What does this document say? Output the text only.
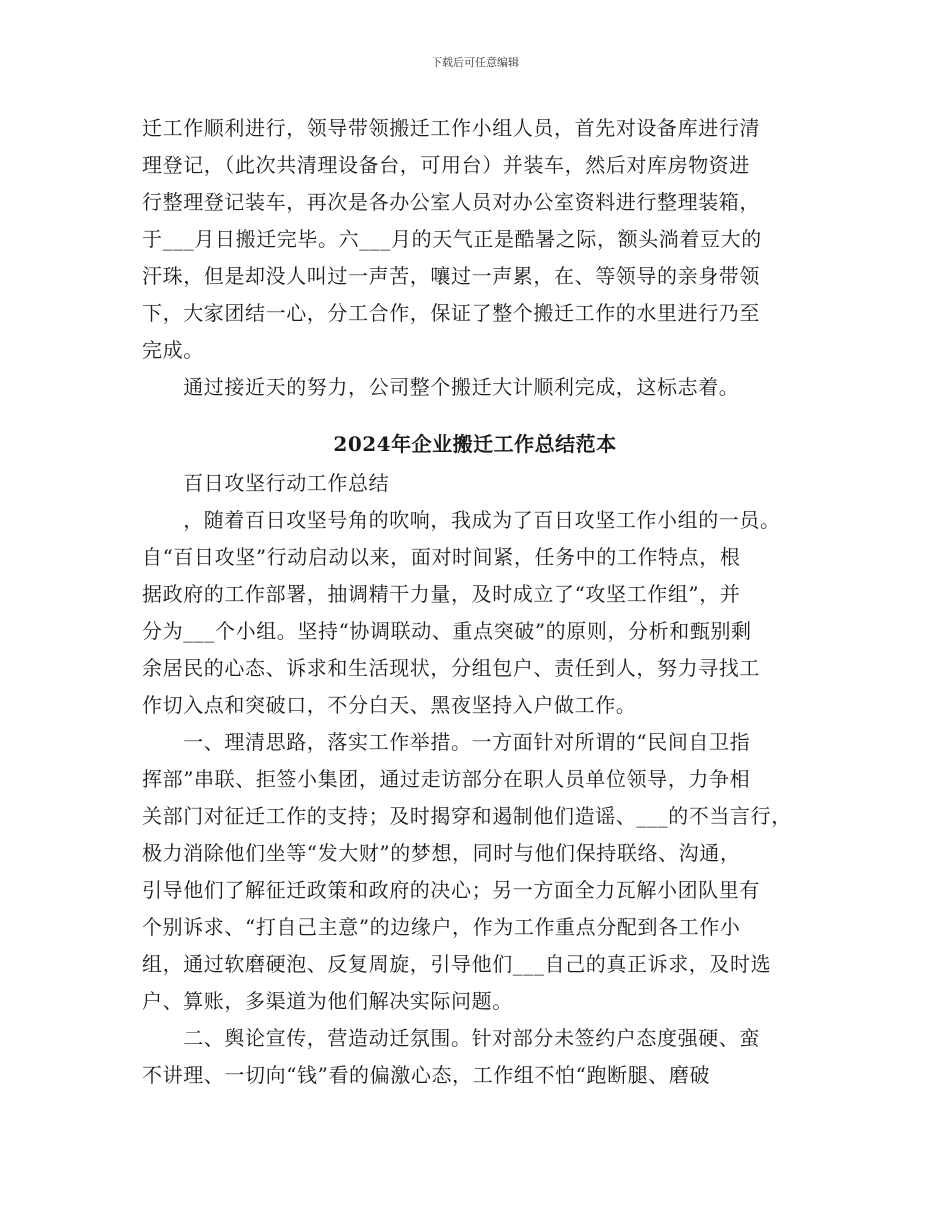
下载后可任意编辑
迁工作顺利进行，领导带领搬迁工作小组人员，首先对设备库进行清
理登记，（此次共清理设备台，可用台）并装车，然后对库房物资进
行整理登记装车，再次是各办公室人员对办公室资料进行整理装箱，
于___月日搬迁完毕。六___月的天气正是酷暑之际，额头淌着豆大的
汗珠，但是却没人叫过一声苦，嚷过一声累，在、等领导的亲身带领
下，大家团结一心，分工合作，保证了整个搬迁工作的水里进行乃至
完成。
　　通过接近天的努力，公司整个搬迁大计顺利完成，这标志着。
2024年企业搬迁工作总结范本
　　百日攻坚行动工作总结
　　，随着百日攻坚号角的吹响，我成为了百日攻坚工作小组的一员。
自“百日攻坚”行动启动以来，面对时间紧，任务中的工作特点，根
据政府的工作部署，抽调精干力量，及时成立了“攻坚工作组”，并
分为___个小组。坚持“协调联动、重点突破”的原则，分析和甄别剩
余居民的心态、诉求和生活现状，分组包户、责任到人，努力寻找工
作切入点和突破口，不分白天、黑夜坚持入户做工作。
　　一、理清思路，落实工作举措。一方面针对所谓的“民间自卫指
挥部”串联、拒签小集团，通过走访部分在职人员单位领导，力争相
关部门对征迁工作的支持；及时揭穿和遏制他们造谣、___的不当言行，
极力消除他们坐等“发大财”的梦想，同时与他们保持联络、沟通，
引导他们了解征迁政策和政府的决心；另一方面全力瓦解小团队里有
个别诉求、“打自己主意”的边缘户，作为工作重点分配到各工作小
组，通过软磨硬泡、反复周旋，引导他们___自己的真正诉求，及时选
户、算账，多渠道为他们解决实际问题。
　　二、舆论宣传，营造动迁氛围。针对部分未签约户态度强硬、蛮
不讲理、一切向“钱”看的偏激心态，工作组不怕“跑断腿、磨破
